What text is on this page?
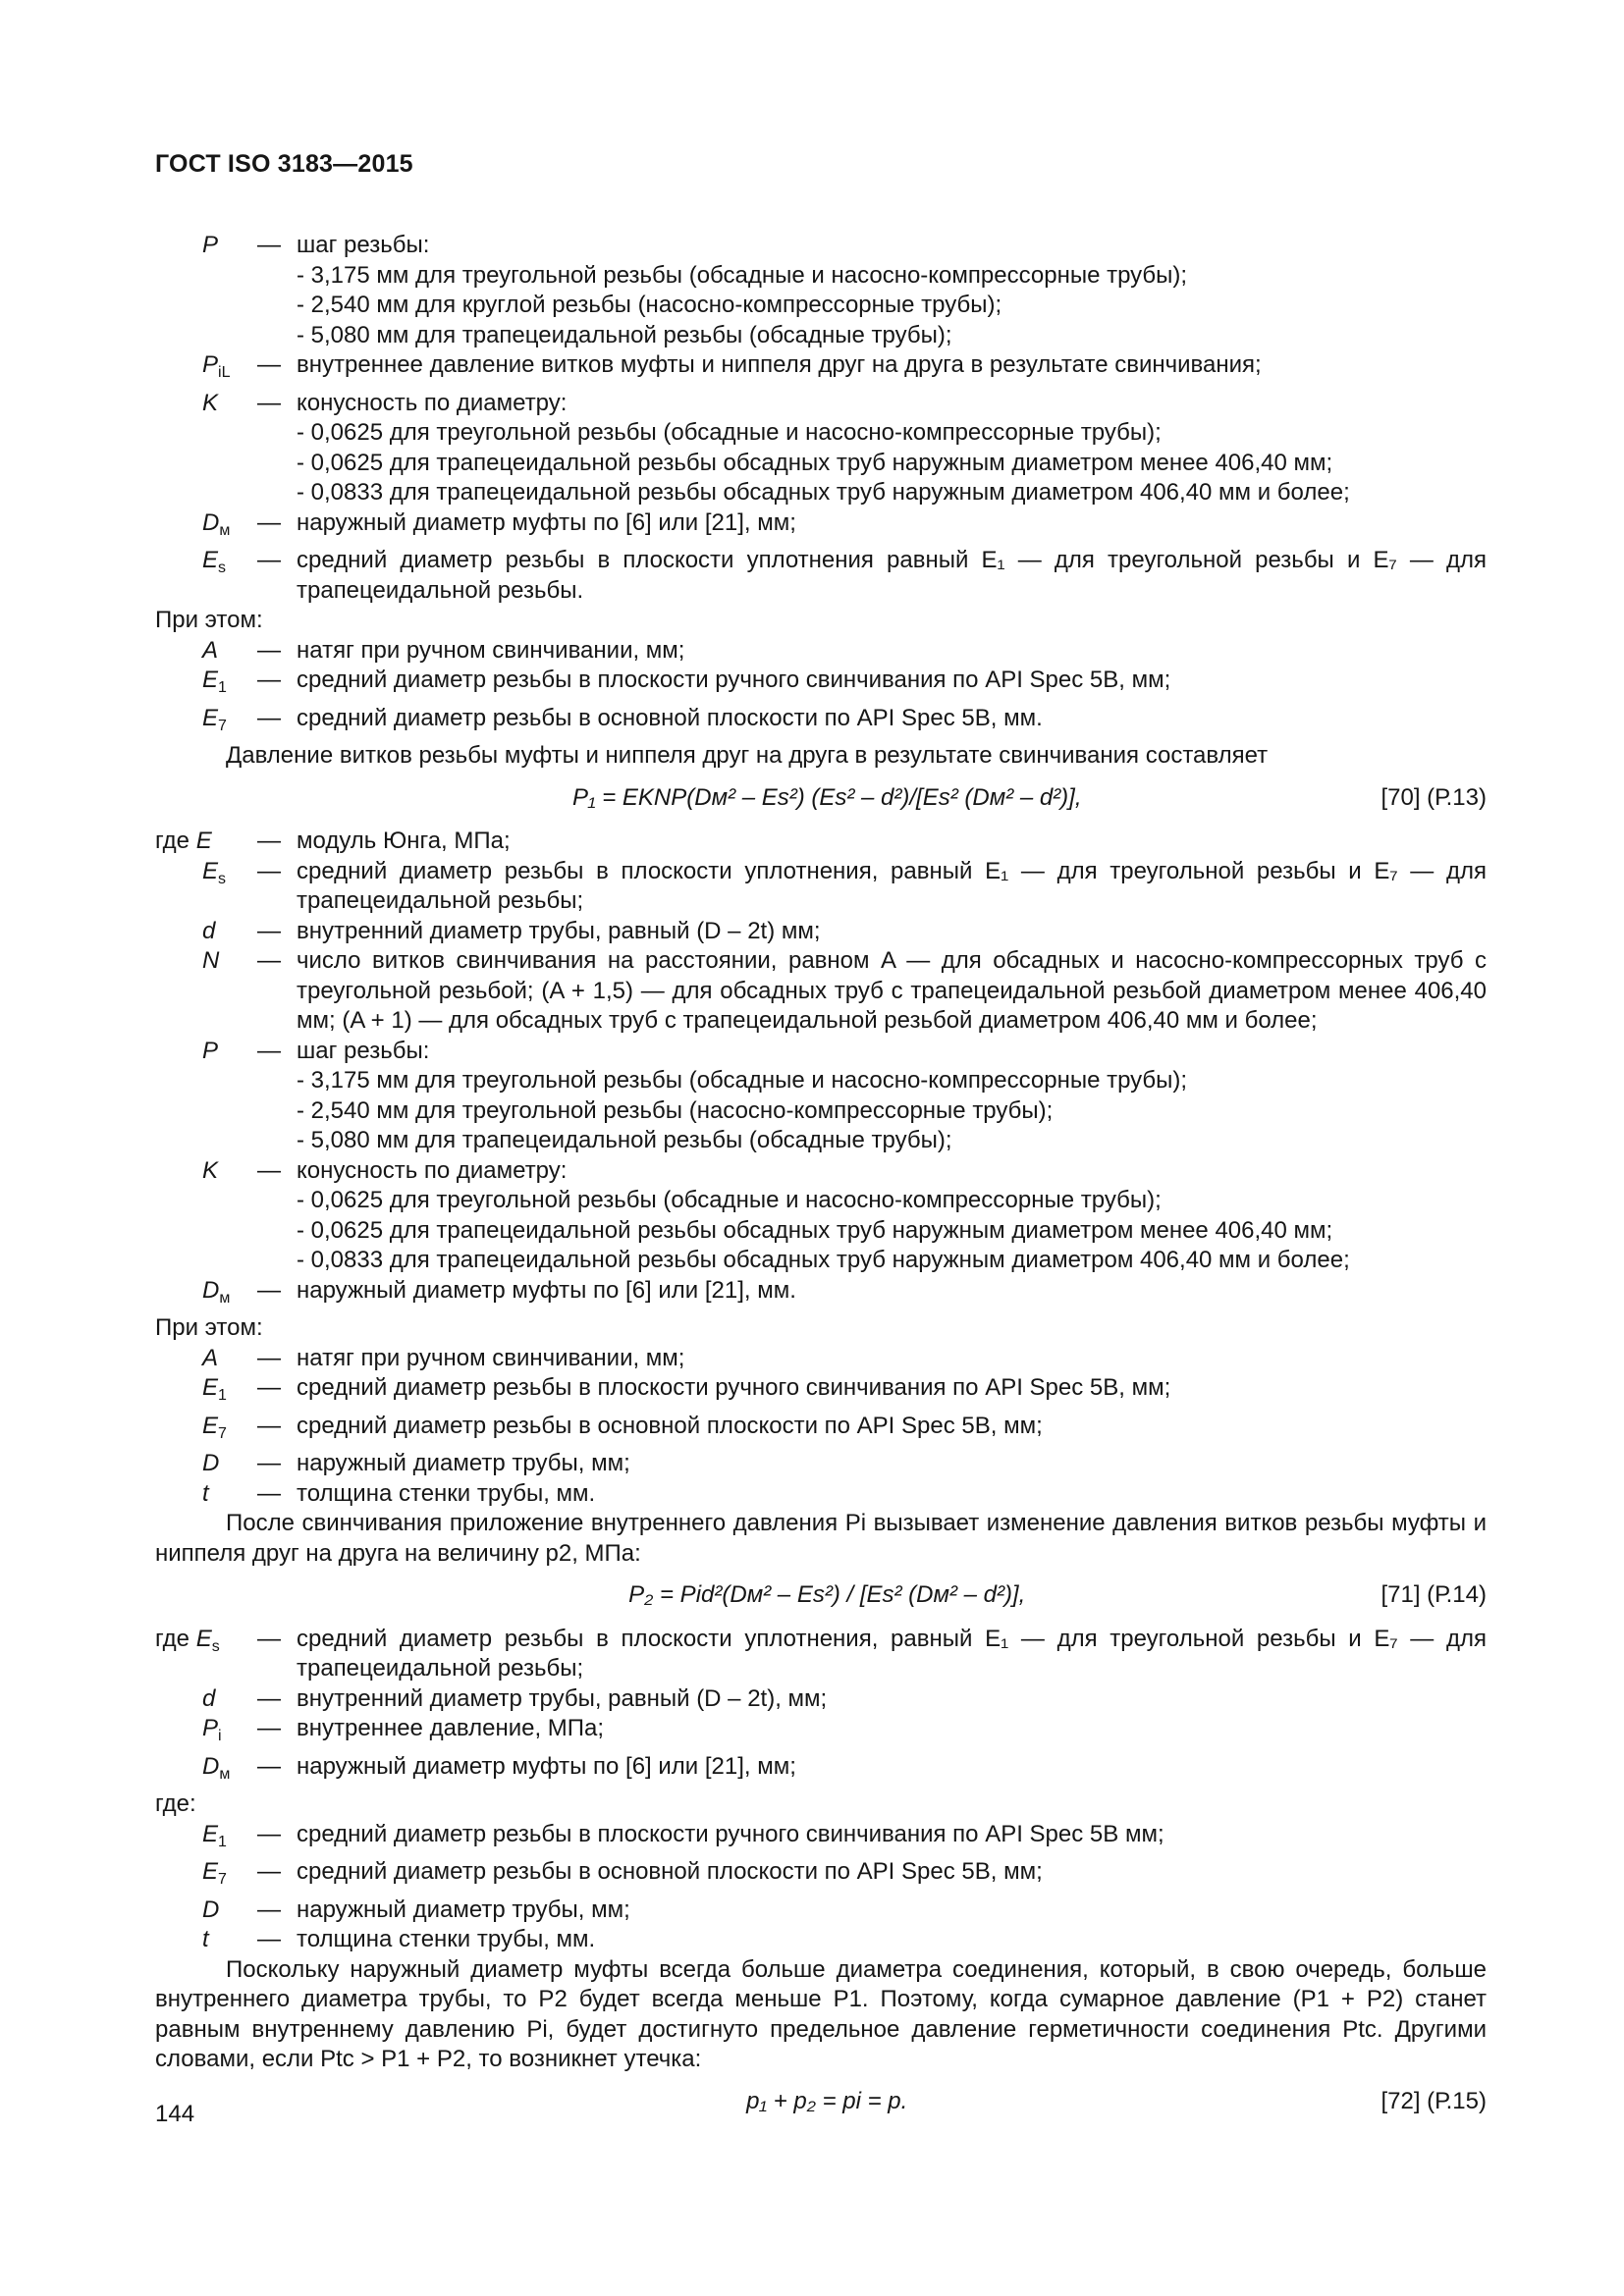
ГОСТ ISO 3183—2015
P	— шаг резьбы:
- 3,175 мм для треугольной резьбы (обсадные и насосно-компрессорные трубы);
- 2,540 мм для круглой резьбы (насосно-компрессорные трубы);
- 5,080 мм для трапецеидальной резьбы (обсадные трубы);
$P_{iL}$	— внутреннее давление витков муфты и ниппеля друг на друга в результате свинчивания;
K	— конусность по диаметру:
- 0,0625 для треугольной резьбы (обсадные и насосно-компрессорные трубы);
- 0,0625 для трапецеидальной резьбы обсадных труб наружным диаметром менее 406,40 мм;
- 0,0833 для трапецеидальной резьбы обсадных труб наружным диаметром 406,40 мм и более;
$D_м$	— наружный диаметр муфты по [6] или [21], мм;
$E_s$	— средний диаметр резьбы в плоскости уплотнения равный E₁ — для треугольной резьбы и E₇ — для трапецеидальной резьбы.
При этом:
A	— натяг при ручном свинчивании, мм;
$E_1$	— средний диаметр резьбы в плоскости ручного свинчивания по API Spec 5В, мм;
$E_7$	— средний диаметр резьбы в основной плоскости по API Spec 5В, мм.
Давление витков резьбы муфты и ниппеля друг на друга в результате свинчивания составляет
P₁ = EKNP(Dм² – Es²) (Es² – d²)/[Es² (Dм² – d²)],	[70] (Р.13)
где E	— модуль Юнга, МПа;
$E_s$	— средний диаметр резьбы в плоскости уплотнения, равный E₁ — для треугольной резьбы и E₇ — для трапецеидальной резьбы;
d	— внутренний диаметр трубы, равный (D – 2t) мм;
N	— число витков свинчивания на расстоянии, равном A — для обсадных и насосно-компрессорных труб с треугольной резьбой; (A + 1,5) — для обсадных труб с трапецеидальной резьбой диаметром менее 406,40 мм; (A + 1) — для обсадных труб с трапецеидальной резьбой диаметром 406,40 мм и более;
P	— шаг резьбы:
- 3,175 мм для треугольной резьбы (обсадные и насосно-компрессорные трубы);
- 2,540 мм для треугольной резьбы (насосно-компрессорные трубы);
- 5,080 мм для трапецеидальной резьбы (обсадные трубы);
K	— конусность по диаметру:
- 0,0625 для треугольной резьбы (обсадные и насосно-компрессорные трубы);
- 0,0625 для трапецеидальной резьбы обсадных труб наружным диаметром менее 406,40 мм;
- 0,0833 для трапецеидальной резьбы обсадных труб наружным диаметром 406,40 мм и более;
$D_м$	— наружный диаметр муфты по [6] или [21], мм.
При этом:
A	— натяг при ручном свинчивании, мм;
$E_1$	— средний диаметр резьбы в плоскости ручного свинчивания по API Spec 5В, мм;
$E_7$	— средний диаметр резьбы в основной плоскости по API Spec 5В, мм;
D	— наружный диаметр трубы, мм;
t	— толщина стенки трубы, мм.
После свинчивания приложение внутреннего давления Pi вызывает изменение давления витков резьбы муфты и ниппеля друг на друга на величину p2, МПа:
P₂ = Pid²(Dм² – Es²) / [Es² (Dм² – d²)],	[71] (Р.14)
где $E_s$	— средний диаметр резьбы в плоскости уплотнения, равный E₁ — для треугольной резьбы и E₇ — для трапецеидальной резьбы;
d	— внутренний диаметр трубы, равный (D – 2t), мм;
$P_i$	— внутреннее давление, МПа;
$D_м$	— наружный диаметр муфты по [6] или [21], мм;
где:
$E_1$	— средний диаметр резьбы в плоскости ручного свинчивания по API Spec 5В мм;
$E_7$	— средний диаметр резьбы в основной плоскости по API Spec 5В, мм;
D	— наружный диаметр трубы, мм;
t	— толщина стенки трубы, мм.
Поскольку наружный диаметр муфты всегда больше диаметра соединения, который, в свою очередь, больше внутреннего диаметра трубы, то P2 будет всегда меньше P1. Поэтому, когда сумарное давление (P1 + P2) станет равным внутреннему давлению Pi, будет достигнуто предельное давление герметичности соединения Ptc. Другими словами, если Ptc > P1 + P2, то возникнет утечка:
p₁ + p₂ = pi = p.	[72] (Р.15)
144
